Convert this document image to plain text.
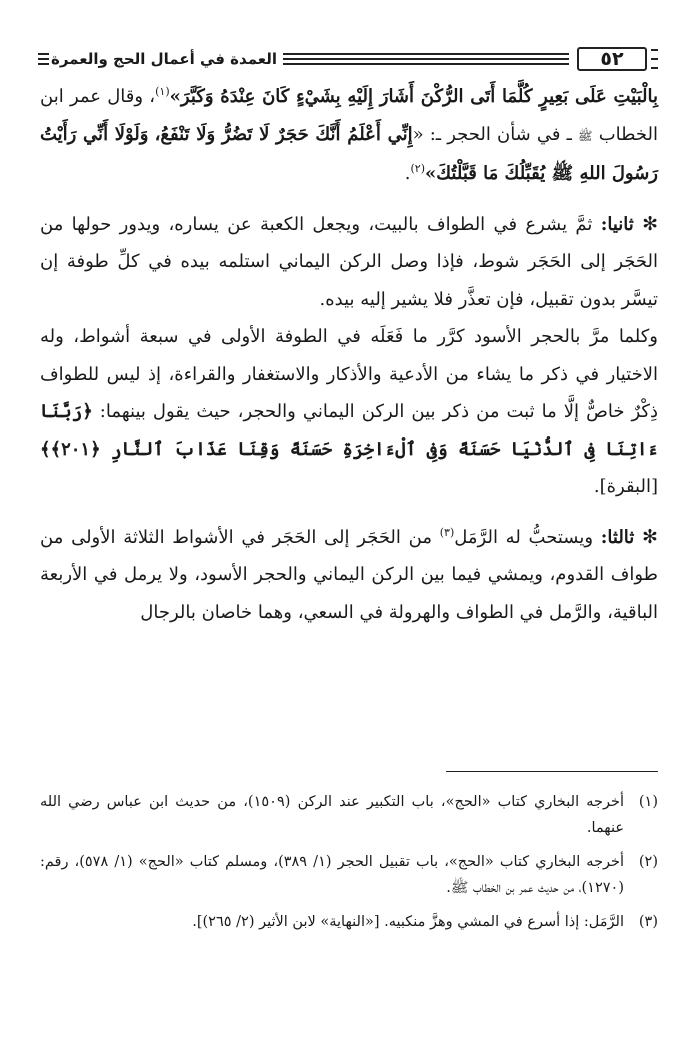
٥٢
العمدة في أعمال الحج والعمرة

بِالْبَيْتِ عَلَى بَعِيرٍ كُلَّمَا أَتَى الرُّكْنَ أَشَارَ إِلَيْهِ بِشَيْءٍ كَانَ عِنْدَهُ وَكَبَّرَ»$^{(١)}$، وقال عمر ابن الخطاب ﷺ ـ في شأن الحجر ـ: «إِنِّي أَعْلَمُ أَنَّكَ حَجَرٌ لَا تَضُرُّ وَلَا تَنْفَعُ، وَلَوْلَا أَنِّي رَأَيْتُ رَسُولَ اللهِ ﷺ يُقَبِّلُكَ مَا قَبَّلْتُكَ»$^{(٢)}$.

✻ ثانيا: ثمَّ يشرع في الطواف بالبيت، ويجعل الكعبة عن يساره، ويدور حولها من الحَجَر إلى الحَجَر شوط، فإذا وصل الركن اليماني استلمه بيده في كلِّ طوفة إن تيسَّر بدون تقبيل، فإن تعذَّر فلا يشير إليه بيده.

وكلما مرَّ بالحجر الأسود كرَّر ما فَعَلَه في الطوفة الأولى في سبعة أشواط، وله الاختيار في ذكر ما يشاء من الأدعية والأذكار والاستغفار والقراءة، إذ ليس للطواف ذِكْرٌ خاصٌّ إلَّا ما ثبت من ذكر بين الركن اليماني والحجر، حيث يقول بينهما: ﴿رَبَّنَا ءَاتِنَا فِى ٱلدُّنْيَا حَسَنَةً وَفِى ٱلْءَاخِرَةِ حَسَنَةً وَقِنَا عَذَابَ ٱلنَّارِ ﴿٢٠١﴾﴾ [البقرة].

✻ ثالثا: ويستحبُّ له الرَّمَل$^{(٣)}$ من الحَجَر إلى الحَجَر في الأشواط الثلاثة الأولى من طواف القدوم، ويمشي فيما بين الركن اليماني والحجر الأسود، ولا يرمل في الأربعة الباقية، والرَّمل في الطواف والهرولة في السعي، وهما خاصان بالرجال

(١)
أخرجه البخاري كتاب «الحج»، باب التكبير عند الركن (١٥٠٩)، من حديث ابن عباس رضي الله عنهما.
(٢)
أخرجه البخاري كتاب «الحج»، باب تقبيل الحجر (١/ ٣٨٩)، ومسلم كتاب «الحج» (١/ ٥٧٨)، رقم: (١٢٧٠)، من حديث عمر بن الخطاب ﷺ.
(٣)
الرَّمَل: إذا أسرع في المشي وهزَّ منكبيه. [«النهاية» لابن الأثير (٢/ ٢٦٥)].
